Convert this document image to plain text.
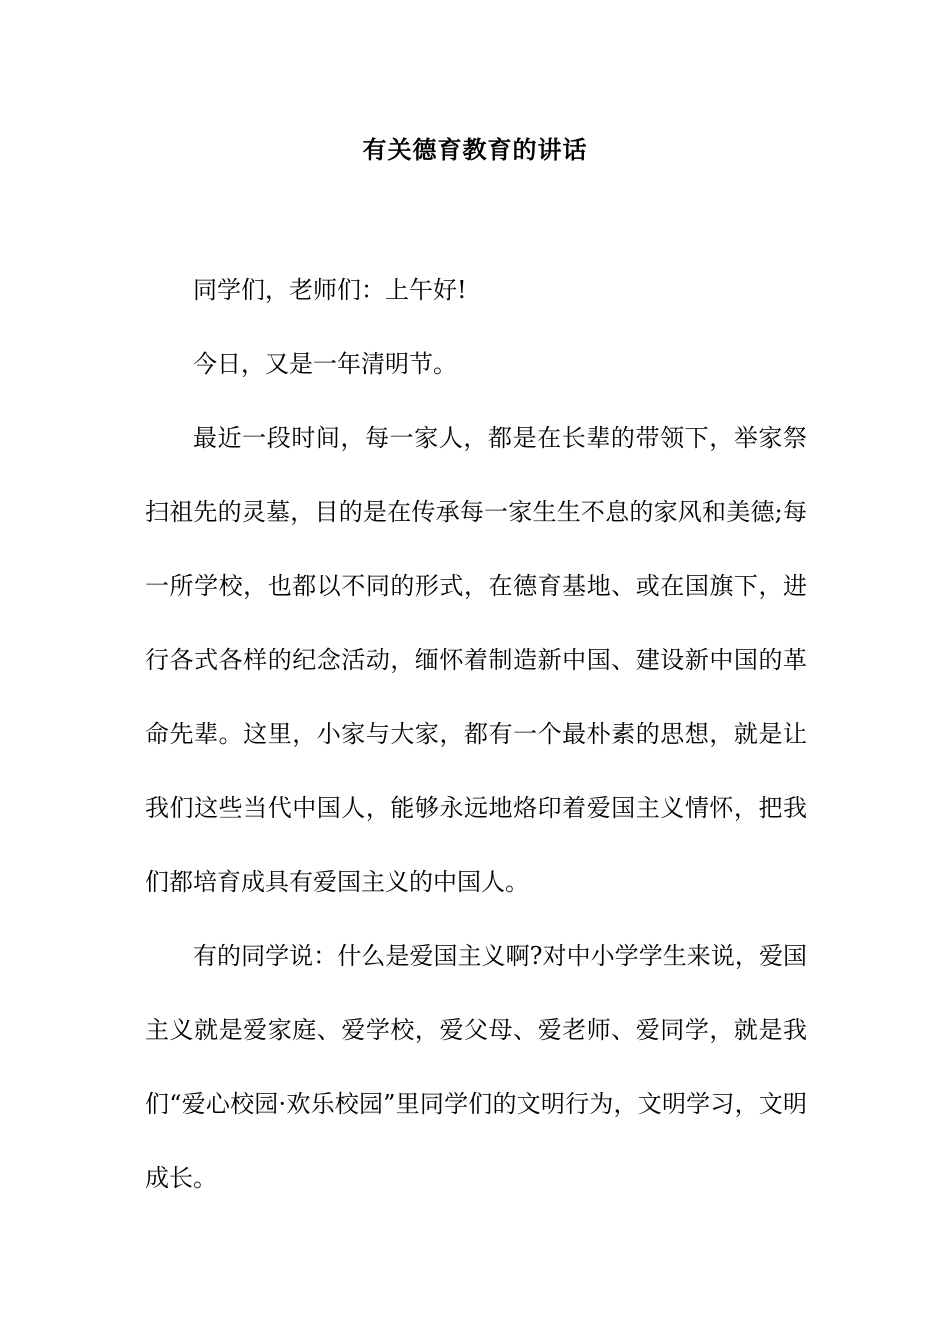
有关德育教育的讲话

同学们，老师们：上午好!

今日，又是一年清明节。

最近一段时间，每一家人，都是在长辈的带领下，举家祭扫祖先的灵墓，目的是在传承每一家生生不息的家风和美德;每一所学校，也都以不同的形式，在德育基地、或在国旗下，进行各式各样的纪念活动，缅怀着制造新中国、建设新中国的革命先辈。这里，小家与大家，都有一个最朴素的思想，就是让我们这些当代中国人，能够永远地烙印着爱国主义情怀，把我们都培育成具有爱国主义的中国人。

有的同学说：什么是爱国主义啊?对中小学学生来说，爱国主义就是爱家庭、爱学校，爱父母、爱老师、爱同学，就是我们“爱心校园·欢乐校园”里同学们的文明行为，文明学习，文明成长。
